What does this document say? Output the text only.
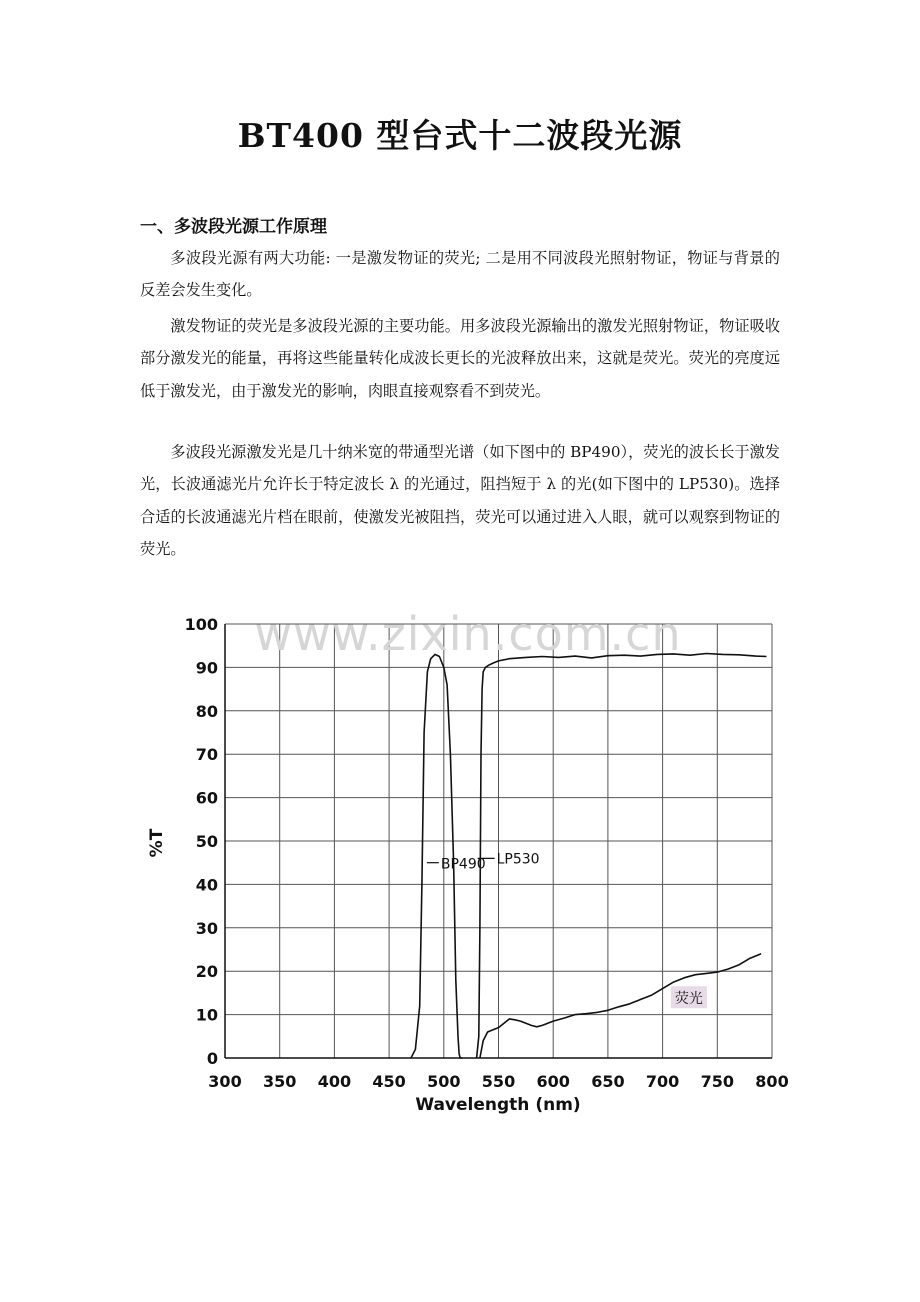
BT400 型台式十二波段光源
一、多波段光源工作原理

多波段光源有两大功能: 一是激发物证的荧光; 二是用不同波段光照射物证，物证与背景的反差会发生变化。

激发物证的荧光是多波段光源的主要功能。用多波段光源输出的激发光照射物证，物证吸收部分激发光的能量，再将这些能量转化成波长更长的光波释放出来，这就是荧光。荧光的亮度远低于激发光，由于激发光的影响，肉眼直接观察看不到荧光。

多波段光源激发光是几十纳米宽的带通型光谱（如下图中的 BP490），荧光的波长长于激发光，长波通滤光片允许长于特定波长 λ 的光通过，阻挡短于 λ 的光(如下图中的 LP530)。选择合适的长波通滤光片档在眼前，使激发光被阻挡，荧光可以通过进入人眼，就可以观察到物证的荧光。

300 350 400 450 500 550 600 650 700 750 800
0
10
20
30
40
50
60
70
80
90
100
BP490 LP530
荧光
www.zixin.com.cn
Wavelength (nm)
%T
